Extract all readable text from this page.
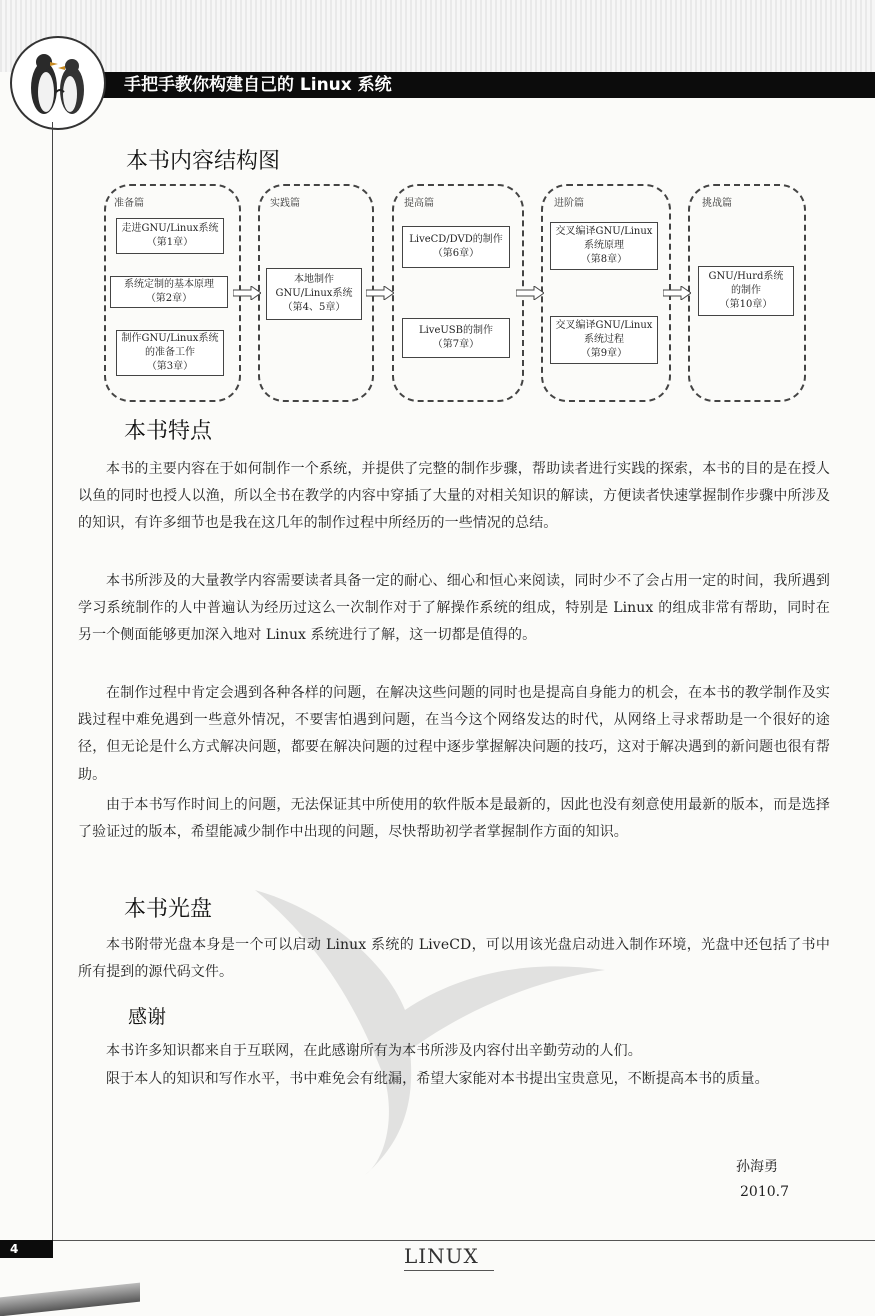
手把手教你构建自己的 Linux 系统
本书内容结构图
准备篇
走进GNU/Linux系统
（第1章）
系统定制的基本原理
（第2章）
制作GNU/Linux系统
的准备工作
（第3章）
实践篇
本地制作
GNU/Linux系统
（第4、5章）
提高篇
LiveCD/DVD的制作
（第6章）
LiveUSB的制作
（第7章）
进阶篇
交叉编译GNU/Linux
系统原理
（第8章）
交叉编译GNU/Linux
系统过程
（第9章）
挑战篇
GNU/Hurd系统
的制作
（第10章）
本书特点

本书的主要内容在于如何制作一个系统，并提供了完整的制作步骤，帮助读者进行实践的探索，本书的目的是在授人以鱼的同时也授人以渔，所以全书在教学的内容中穿插了大量的对相关知识的解读，方便读者快速掌握制作步骤中所涉及的知识，有许多细节也是我在这几年的制作过程中所经历的一些情况的总结。

本书所涉及的大量教学内容需要读者具备一定的耐心、细心和恒心来阅读，同时少不了会占用一定的时间，我所遇到学习系统制作的人中普遍认为经历过这么一次制作对于了解操作系统的组成，特别是 Linux 的组成非常有帮助，同时在另一个侧面能够更加深入地对 Linux 系统进行了解，这一切都是值得的。

在制作过程中肯定会遇到各种各样的问题，在解决这些问题的同时也是提高自身能力的机会，在本书的教学制作及实践过程中难免遇到一些意外情况，不要害怕遇到问题，在当今这个网络发达的时代，从网络上寻求帮助是一个很好的途径，但无论是什么方式解决问题，都要在解决问题的过程中逐步掌握解决问题的技巧，这对于解决遇到的新问题也很有帮助。

由于本书写作时间上的问题，无法保证其中所使用的软件版本是最新的，因此也没有刻意使用最新的版本，而是选择了验证过的版本，希望能减少制作中出现的问题，尽快帮助初学者掌握制作方面的知识。

本书光盘

本书附带光盘本身是一个可以启动 Linux 系统的 LiveCD，可以用该光盘启动进入制作环境，光盘中还包括了书中所有提到的源代码文件。

感谢

本书许多知识都来自于互联网，在此感谢所有为本书所涉及内容付出辛勤劳动的人们。

限于本人的知识和写作水平，书中难免会有纰漏，希望大家能对本书提出宝贵意见，不断提高本书的质量。

孙海勇
2010.7
4	LINUX
